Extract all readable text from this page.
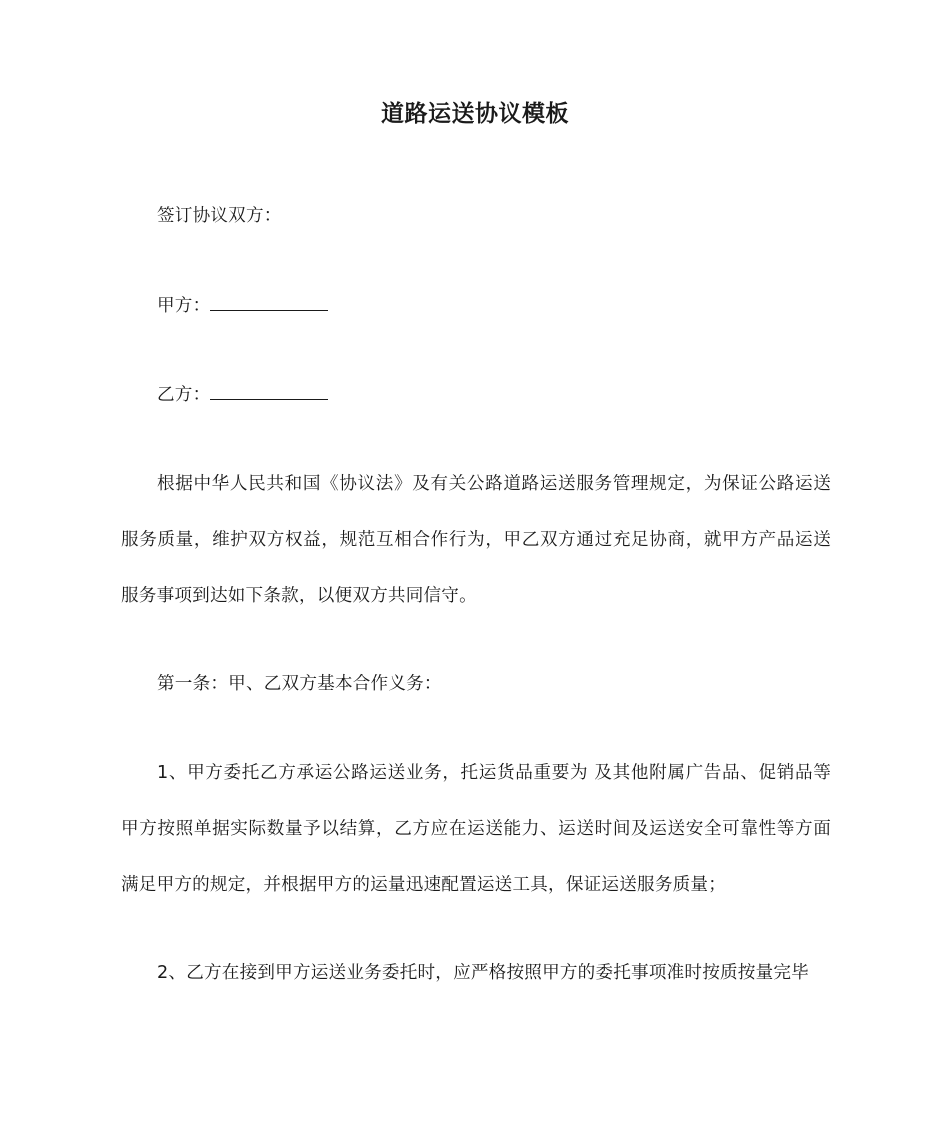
道路运送协议模板

签订协议双方：

甲方：

乙方：

根据中华人民共和国《协议法》及有关公路道路运送服务管理规定，为保证公路运送服务质量，维护双方权益，规范互相合作行为，甲乙双方通过充足协商，就甲方产品运送服务事项到达如下条款，以便双方共同信守。

第一条：甲、乙双方基本合作义务：

1、甲方委托乙方承运公路运送业务，托运货品重要为 及其他附属广告品、促销品等甲方按照单据实际数量予以结算，乙方应在运送能力、运送时间及运送安全可靠性等方面满足甲方的规定，并根据甲方的运量迅速配置运送工具，保证运送服务质量；

2、乙方在接到甲方运送业务委托时，应严格按照甲方的委托事项准时按质按量完毕
